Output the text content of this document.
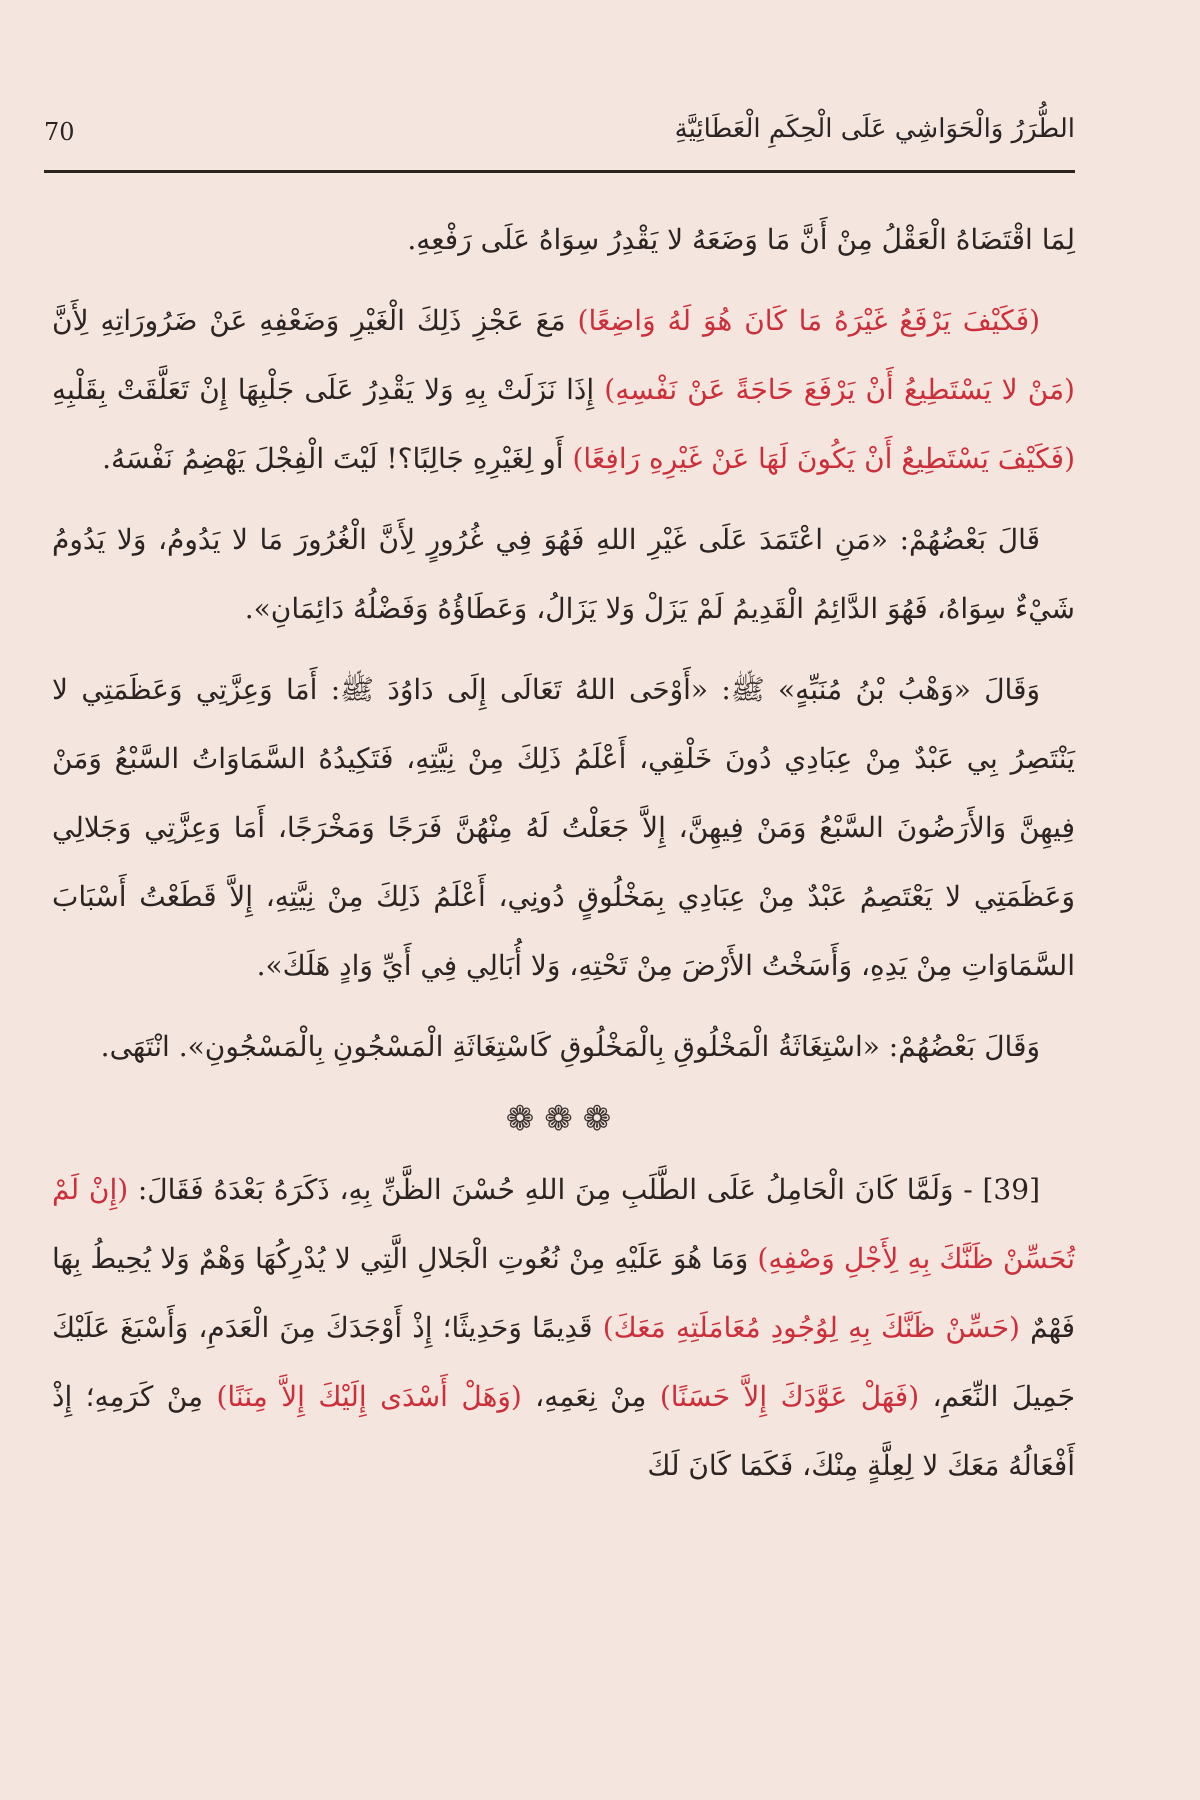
الطُّرَرُ وَالْحَوَاشِي عَلَى الْحِكَمِ الْعَطَائِيَّةِ
70

لِمَا اقْتَضَاهُ الْعَقْلُ مِنْ أَنَّ مَا وَضَعَهُ لا يَقْدِرُ سِوَاهُ عَلَى رَفْعِهِ.

(فَكَيْفَ يَرْفَعُ غَيْرَهُ مَا كَانَ هُوَ لَهُ وَاضِعًا) مَعَ عَجْزِ ذَلِكَ الْغَيْرِ وَضَعْفِهِ عَنْ ضَرُورَاتِهِ لِأَنَّ (مَنْ لا يَسْتَطِيعُ أَنْ يَرْفَعَ حَاجَةً عَنْ نَفْسِهِ) إِذَا نَزَلَتْ بِهِ وَلا يَقْدِرُ عَلَى جَلْبِهَا إِنْ تَعَلَّقَتْ بِقَلْبِهِ (فَكَيْفَ يَسْتَطِيعُ أَنْ يَكُونَ لَهَا عَنْ غَيْرِهِ رَافِعًا) أَو لِغَيْرِهِ جَالِبًا؟! لَيْتَ الْفِجْلَ يَهْضِمُ نَفْسَهُ.

قَالَ بَعْضُهُمْ: «مَنِ اعْتَمَدَ عَلَى غَيْرِ اللهِ فَهُوَ فِي غُرُورٍ لِأَنَّ الْغُرُورَ مَا لا يَدُومُ، وَلا يَدُومُ شَيْءٌ سِوَاهُ، فَهُوَ الدَّائِمُ الْقَدِيمُ لَمْ يَزَلْ وَلا يَزَالُ، وَعَطَاؤُهُ وَفَضْلُهُ دَائِمَانِ».

وَقَالَ «وَهْبُ بْنُ مُنَبِّهٍ» ﷺ: «أَوْحَى اللهُ تَعَالَى إِلَى دَاوُدَ ﷺ: أَمَا وَعِزَّتِي وَعَظَمَتِي لا يَنْتَصِرُ بِي عَبْدٌ مِنْ عِبَادِي دُونَ خَلْقِي، أَعْلَمُ ذَلِكَ مِنْ نِيَّتِهِ، فَتَكِيدُهُ السَّمَاوَاتُ السَّبْعُ وَمَنْ فِيهِنَّ وَالأَرَضُونَ السَّبْعُ وَمَنْ فِيهِنَّ، إِلاَّ جَعَلْتُ لَهُ مِنْهُنَّ فَرَجًا وَمَخْرَجًا، أَمَا وَعِزَّتِي وَجَلالِي وَعَظَمَتِي لا يَعْتَصِمُ عَبْدٌ مِنْ عِبَادِي بِمَخْلُوقٍ دُونِي، أَعْلَمُ ذَلِكَ مِنْ نِيَّتِهِ، إِلاَّ قَطَعْتُ أَسْبَابَ السَّمَاوَاتِ مِنْ يَدِهِ، وَأَسَخْتُ الأَرْضَ مِنْ تَحْتِهِ، وَلا أُبَالِي فِي أَيِّ وَادٍ هَلَكَ».

وَقَالَ بَعْضُهُمْ: «اسْتِغَاثَةُ الْمَخْلُوقِ بِالْمَخْلُوقِ كَاسْتِغَاثَةِ الْمَسْجُونِ بِالْمَسْجُونِ». انْتَهَى.

❁❁❁

[39] - وَلَمَّا كَانَ الْحَامِلُ عَلَى الطَّلَبِ مِنَ اللهِ حُسْنَ الظَّنِّ بِهِ، ذَكَرَهُ بَعْدَهُ فَقَالَ: (إِنْ لَمْ تُحَسِّنْ ظَنَّكَ بِهِ لِأَجْلِ وَصْفِهِ) وَمَا هُوَ عَلَيْهِ مِنْ نُعُوتِ الْجَلالِ الَّتِي لا يُدْرِكُهَا وَهْمٌ وَلا يُحِيطُ بِهَا فَهْمٌ (حَسِّنْ ظَنَّكَ بِهِ لِوُجُودِ مُعَامَلَتِهِ مَعَكَ) قَدِيمًا وَحَدِيثًا؛ إِذْ أَوْجَدَكَ مِنَ الْعَدَمِ، وَأَسْبَغَ عَلَيْكَ جَمِيلَ النِّعَمِ، (فَهَلْ عَوَّدَكَ إِلاَّ حَسَنًا) مِنْ نِعَمِهِ، (وَهَلْ أَسْدَى إِلَيْكَ إِلاَّ مِنَنًا) مِنْ كَرَمِهِ؛ إِذْ أَفْعَالُهُ مَعَكَ لا لِعِلَّةٍ مِنْكَ، فَكَمَا كَانَ لَكَ
